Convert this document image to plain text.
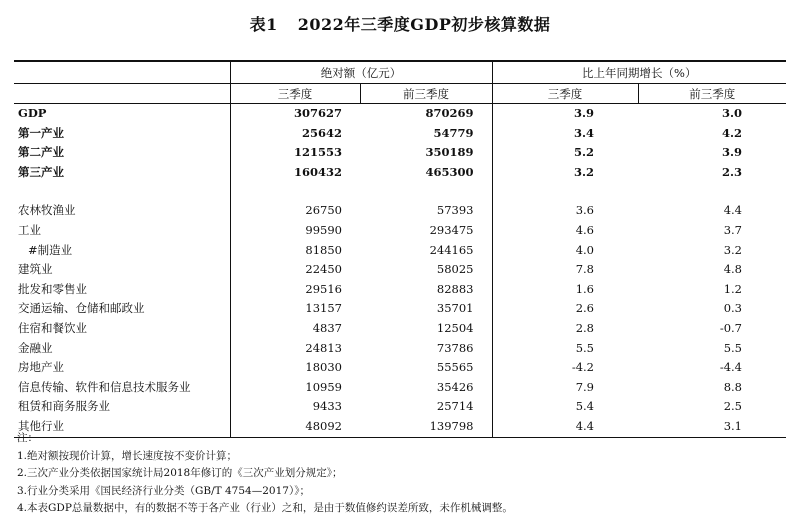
表1 2022年三季度GDP初步核算数据
	绝对额（亿元）		比上年同期增长（%）	
	三季度	前三季度	三季度	前三季度
GDP	307627	870269	3.9	3.0
第一产业	25642	54779	3.4	4.2
第二产业	121553	350189	5.2	3.9
第三产业	160432	465300	3.2	2.3

农林牧渔业	26750	57393	3.6	4.4
工业	99590	293475	4.6	3.7
#制造业	81850	244165	4.0	3.2
建筑业	22450	58025	7.8	4.8
批发和零售业	29516	82883	1.6	1.2
交通运输、仓储和邮政业	13157	35701	2.6	0.3
住宿和餐饮业	4837	12504	2.8	-0.7
金融业	24813	73786	5.5	5.5
房地产业	18030	55565	-4.2	-4.4
信息传输、软件和信息技术服务业	10959	35426	7.9	8.8
租赁和商务服务业	9433	25714	5.4	2.5
其他行业	48092	139798	4.4	3.1
注：
1.绝对额按现价计算，增长速度按不变价计算；
2.三次产业分类依据国家统计局2018年修订的《三次产业划分规定》；
3.行业分类采用《国民经济行业分类（GB/T 4754—2017）》；
4.本表GDP总量数据中，有的数据不等于各产业（行业）之和，是由于数值修约误差所致，未作机械调整。
